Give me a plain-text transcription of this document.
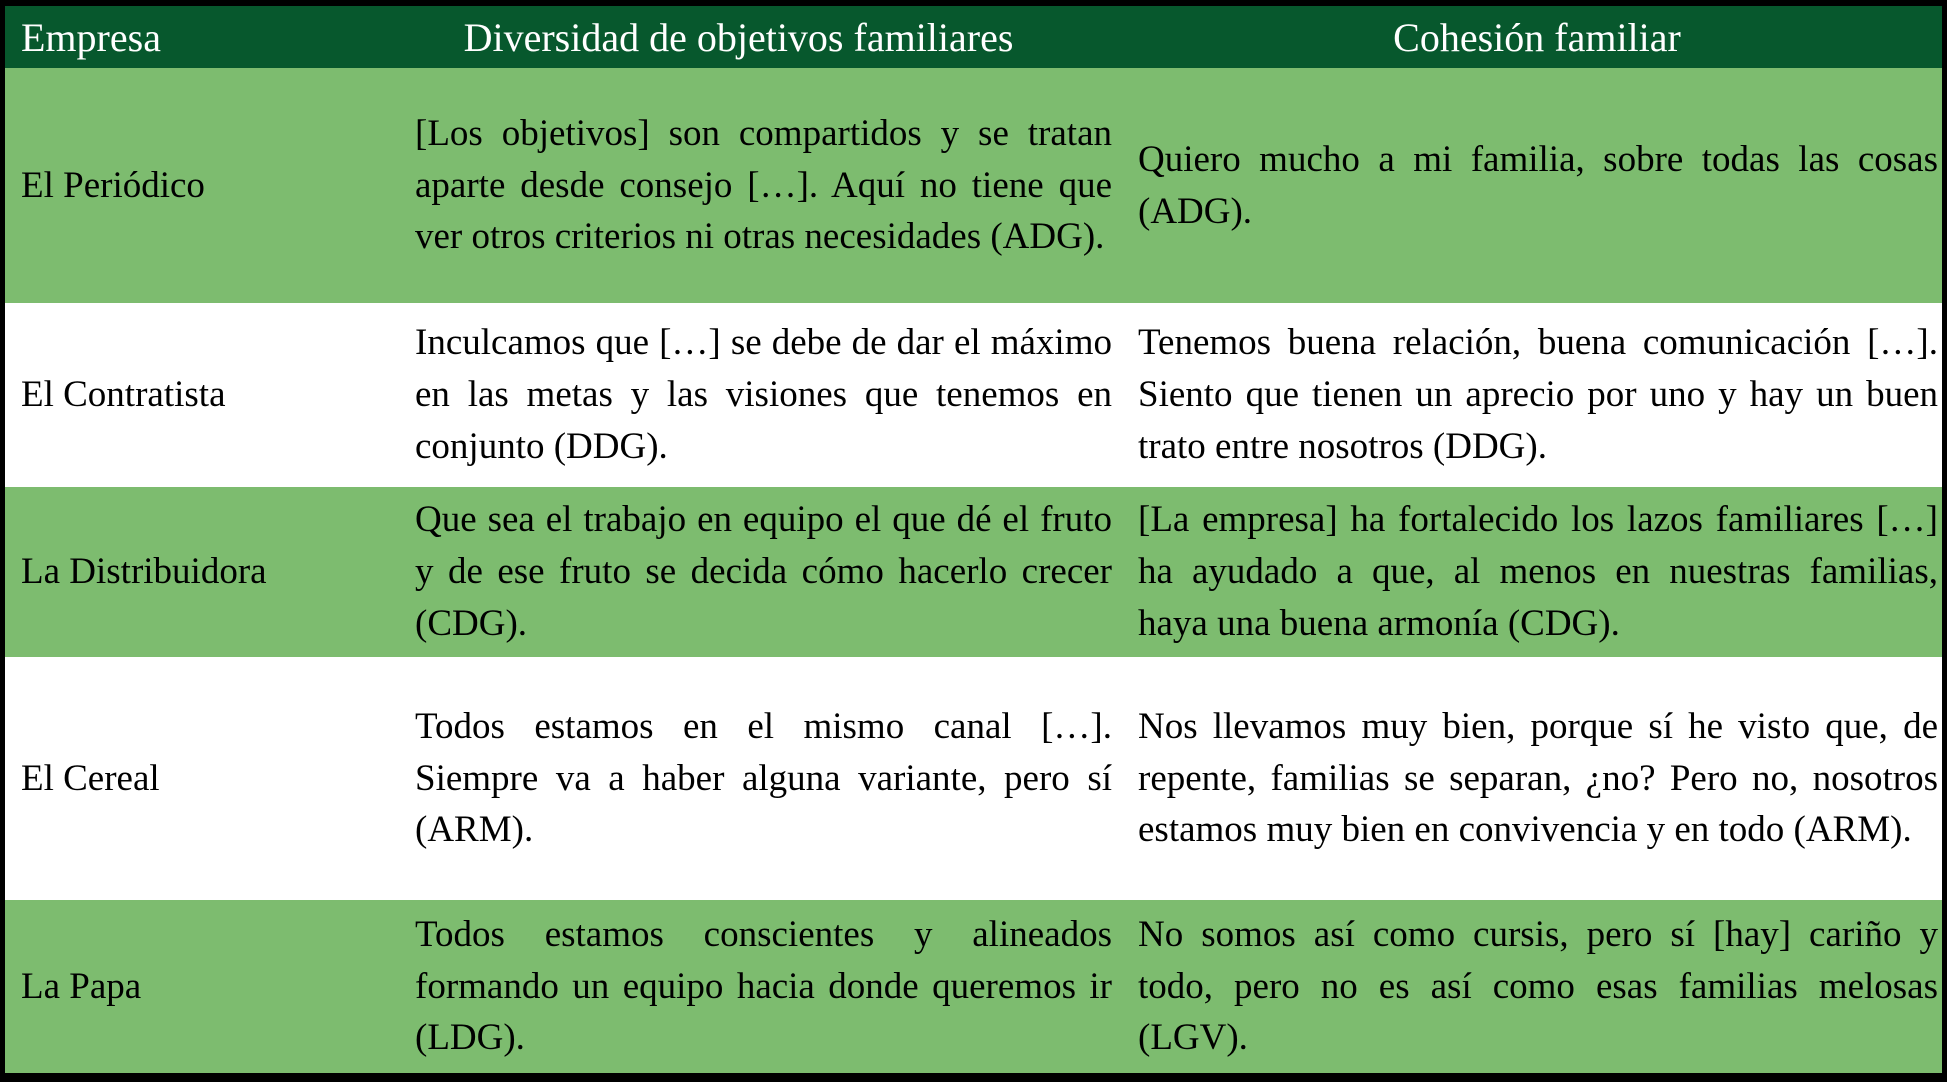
Empresa	Diversidad de objetivos familiares	Cohesión familiar
El Periódico	[Los objetivos] son compartidos y se tratan aparte desde consejo […]. Aquí no tiene que ver otros criterios ni otras necesidades (ADG).	Quiero mucho a mi familia, sobre todas las cosas (ADG).
El Contratista	Inculcamos que […] se debe de dar el máximo en las metas y las visiones que tenemos en conjunto (DDG).	Tenemos buena relación, buena comunicación […]. Siento que tienen un aprecio por uno y hay un buen trato entre nosotros (DDG).
La Distribuidora	Que sea el trabajo en equipo el que dé el fruto y de ese fruto se decida cómo hacerlo crecer (CDG).	[La empresa] ha fortalecido los lazos familiares […] ha ayudado a que, al menos en nuestras familias, haya una buena armonía (CDG).
El Cereal	Todos estamos en el mismo canal […]. Siempre va a haber alguna variante, pero sí (ARM).	Nos llevamos muy bien, porque sí he visto que, de repente, familias se separan, ¿no? Pero no, nosotros estamos muy bien en convivencia y en todo (ARM).
La Papa	Todos estamos conscientes y alineados formando un equipo hacia donde queremos ir (LDG).	No somos así como cursis, pero sí [hay] cariño y todo, pero no es así como esas familias melosas (LGV).
